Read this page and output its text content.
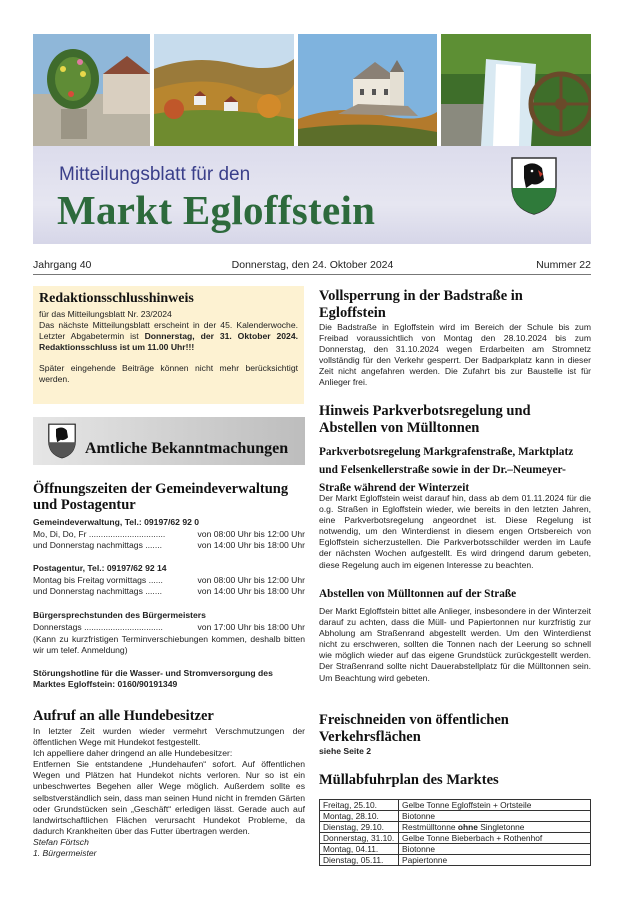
Mitteilungsblatt für den
Markt Egloffstein
Jahrgang 40	Donnerstag, den 24. Oktober 2024	Nummer 22
Redaktionsschlusshinweis
für das Mitteilungsblatt Nr. 23/2024
Das nächste Mitteilungsblatt erscheint in der 45. Kalenderwoche. Letzter Abgabetermin ist Donnerstag, der 31. Oktober 2024. Redaktionsschluss ist um 11.00 Uhr!!!
Später eingehende Beiträge können nicht mehr berücksichtigt werden.
Amtliche Bekanntmachungen
Öffnungszeiten der Gemeindeverwaltung und Postagentur
Gemeindeverwaltung, Tel.: 09197/62 92 0
Mo, Di, Do, Fr ................................	von 08:00 Uhr bis 12:00 Uhr
und Donnerstag nachmittags .......	von 14:00 Uhr bis 18:00 Uhr
Postagentur, Tel.: 09197/62 92 14
Montag bis Freitag vormittags ......	von 08:00 Uhr bis 12:00 Uhr
und Donnerstag nachmittags .......	von 14:00 Uhr bis 18:00 Uhr
Bürgersprechstunden des Bürgermeisters
Donnerstags .................................	von 17:00 Uhr bis 18:00 Uhr
(Kann zu kurzfristigen Terminverschiebungen kommen, deshalb bitten wir um telef. Anmeldung)
Störungshotline für die Wasser- und Stromversorgung des Marktes Egloffstein: 0160/90191349
Aufruf an alle Hundebesitzer
In letzter Zeit wurden wieder vermehrt Verschmutzungen der öffentlichen Wege mit Hundekot festgestellt.
Ich appelliere daher dringend an alle Hundebesitzer:
Entfernen Sie entstandene „Hundehaufen“ sofort. Auf öffentlichen Wegen und Plätzen hat Hundekot nichts verloren. Nur so ist ein unbeschwertes Begehen aller Wege möglich. Außerdem sollte es selbstverständlich sein, dass man seinen Hund nicht in fremden Gärten oder Grundstücken sein „Geschäft“ erledigen lässt. Gerade auch auf landwirtschaftlichen Flächen verursacht Hundekot Probleme, da dadurch Krankheiten über das Futter übertragen werden.
Stefan Förtsch
1. Bürgermeister
Vollsperrung in der Badstraße in Egloffstein
Die Badstraße in Egloffstein wird im Bereich der Schule bis zum Freibad voraussichtlich von Montag den 28.10.2024 bis zum Donnerstag, den 31.10.2024 wegen Erdarbeiten am Stromnetz vollständig für den Verkehr gesperrt. Der Badparkplatz kann in dieser Zeit nicht angefahren werden. Die Zufahrt bis zur Baustelle ist für Anlieger frei.
Hinweis Parkverbotsregelung und Abstellen von Mülltonnen
Parkverbotsregelung Markgrafenstraße, Marktplatz und Felsenkellerstraße sowie in der Dr.–Neumeyer-Straße während der Winterzeit
Der Markt Egloffstein weist darauf hin, dass ab dem 01.11.2024 für die o.g. Straßen in Egloffstein wieder, wie bereits in den letzten Jahren, eine Parkverbotsregelung angeordnet ist. Diese Regelung ist notwendig, um den Winterdienst in diesem engen Ortsbereich von Egloffstein sicherzustellen. Die Parkverbotsschilder werden im Laufe der nächsten Wochen aufgestellt. Es wird dringend darum gebeten, diese Regelung auch im eigenen Interesse zu beachten.
Abstellen von Mülltonnen auf der Straße
Der Markt Egloffstein bittet alle Anlieger, insbesondere in der Winterzeit darauf zu achten, dass die Müll- und Papiertonnen nur kurzfristig zur Abholung am Straßenrand abgestellt werden. Um den Winterdienst nicht zu erschweren, sollten die Tonnen nach der Leerung so schnell wie möglich wieder auf das eigene Grundstück zurückgestellt werden. Der Straßenrand sollte nicht Dauerabstellplatz für die Mülltonnen sein. Um Beachtung wird gebeten.
Freischneiden von öffentlichen Verkehrsflächen
siehe Seite 2
Müllabfuhrplan des Marktes
Freitag, 25.10.	Gelbe Tonne Egloffstein + Ortsteile
Montag, 28.10.	Biotonne
Dienstag, 29.10.	Restmülltonne ohne Singletonne
Donnerstag, 31.10.	Gelbe Tonne Bieberbach + Rothenhof
Montag, 04.11.	Biotonne
Dienstag, 05.11.	Papiertonne
